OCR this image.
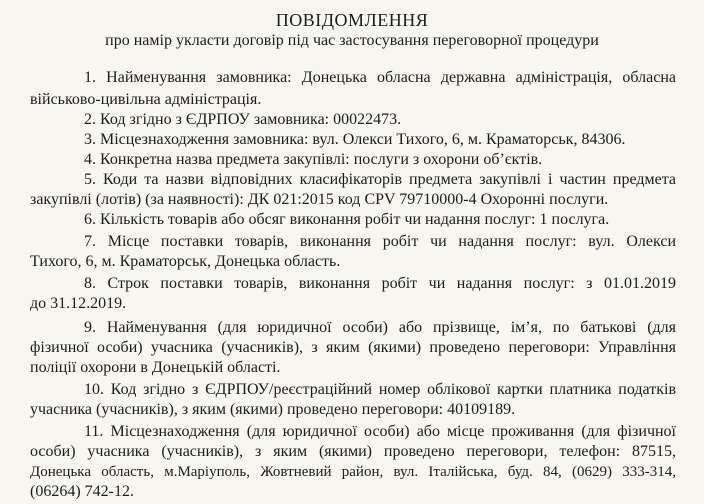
ПОВІДОМЛЕННЯ
про намір укласти договір під час застосування переговорної процедури
1. Найменування замовника: Донецька обласна державна адміністрація, обласна
військово-цивільна адміністрація.
2. Код згідно з ЄДРПОУ замовника: 00022473.
3. Місцезнаходження замовника: вул. Олекси Тихого, 6, м. Краматорськ, 84306.
4. Конкретна назва предмета закупівлі: послуги з охорони об’єктів.
5. Коди та назви відповідних класифікаторів предмета закупівлі і частин предмета
закупівлі (лотів) (за наявності): ДК 021:2015 код CPV 79710000-4 Охоронні послуги.
6. Кількість товарів або обсяг виконання робіт чи надання послуг: 1 послуга.
7. Місце поставки товарів, виконання робіт чи надання послуг: вул. Олекси
Тихого, 6, м. Краматорськ, Донецька область.
8. Строк поставки товарів, виконання робіт чи надання послуг: з 01.01.2019
до 31.12.2019.
9. Найменування (для юридичної особи) або прізвище, ім’я, по батькові (для
фізичної особи) учасника (учасників), з яким (якими) проведено переговори: Управління
поліції охорони в Донецькій області.
10. Код згідно з ЄДРПОУ/реєстраційний номер облікової картки платника податків
учасника (учасників), з яким (якими) проведено переговори: 40109189.
11. Місцезнаходження (для юридичної особи) або місце проживання (для фізичної
особи) учасника (учасників), з яким (якими) проведено переговори, телефон: 87515,
Донецька область, м.Маріуполь, Жовтневий район, вул. Італійська, буд. 84, (0629) 333-314,
(06264) 742-12.
